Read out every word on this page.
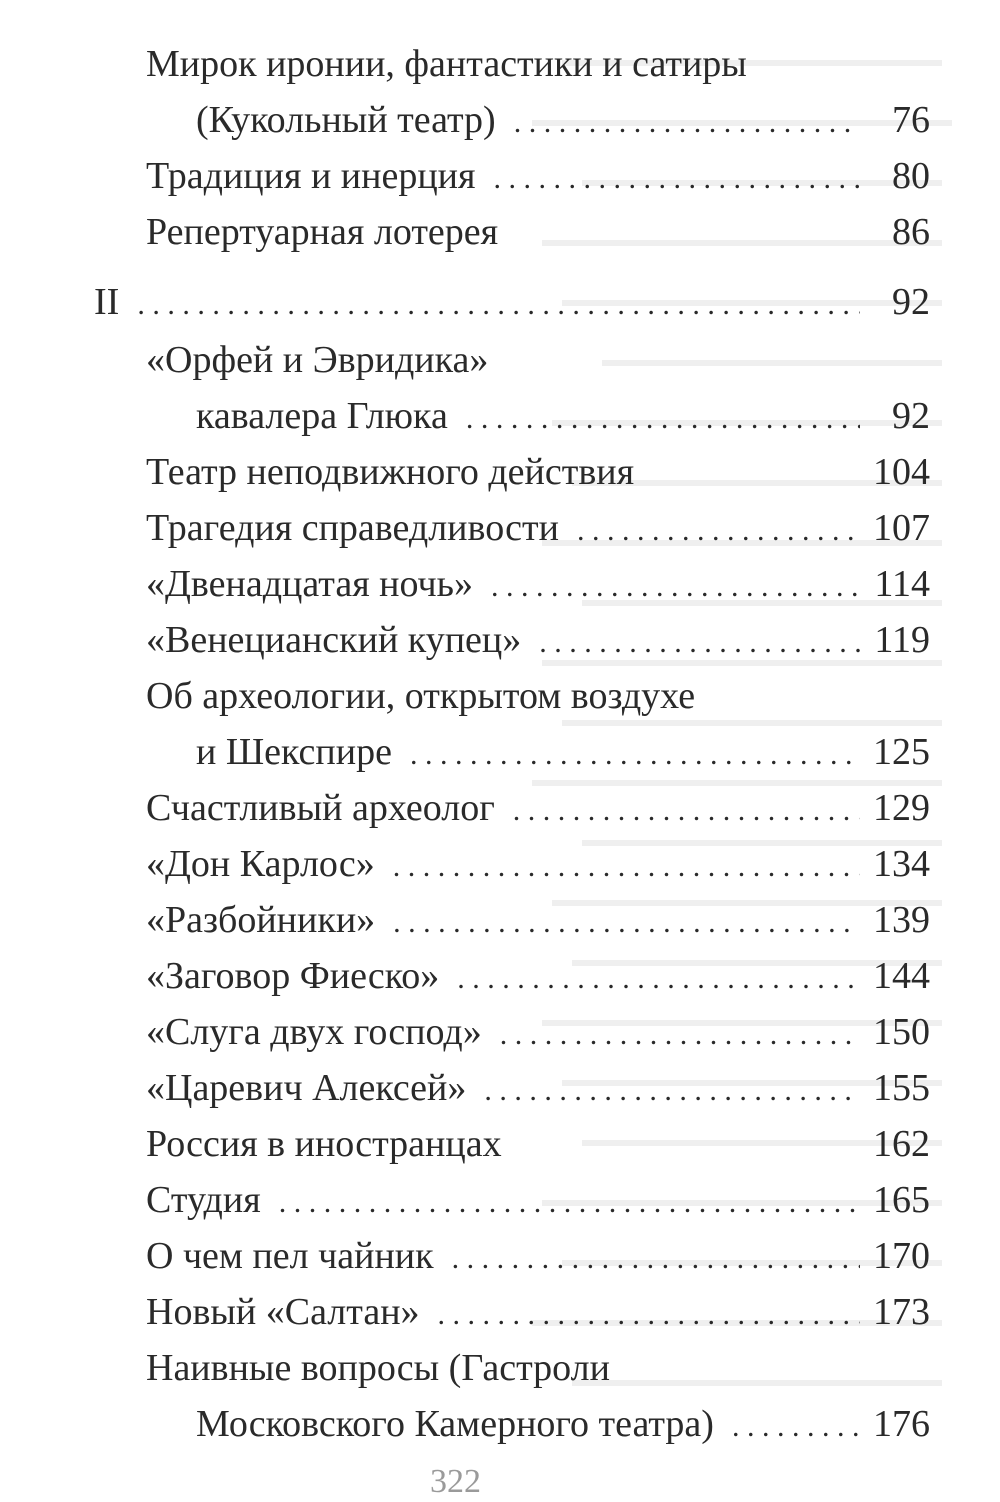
Мирок иронии, фантастики и сатиры
(Кукольный театр) . . .	76
Традиция и инерция . . .	80
Репертуарная лотерея	86
II . . .	92
«Орфей и Эвридика»
кавалера Глюка . . .	92
Театр неподвижного действия	104
Трагедия справедливости . . .	107
«Двенадцатая ночь» . . .	114
«Венецианский купец» . . .	119
Об археологии, открытом воздухе
и Шекспире . . .	125
Счастливый археолог . . .	129
«Дон Карлос» . . .	134
«Разбойники» . . .	139
«Заговор Фиеско» . . .	144
«Слуга двух господ» . . .	150
«Царевич Алексей» . . .	155
Россия в иностранцах	162
Студия . . .	165
О чем пел чайник . . .	170
Новый «Салтан» . . .	173
Наивные вопросы (Гастроли
Московского Камерного театра) . . .	176
322
